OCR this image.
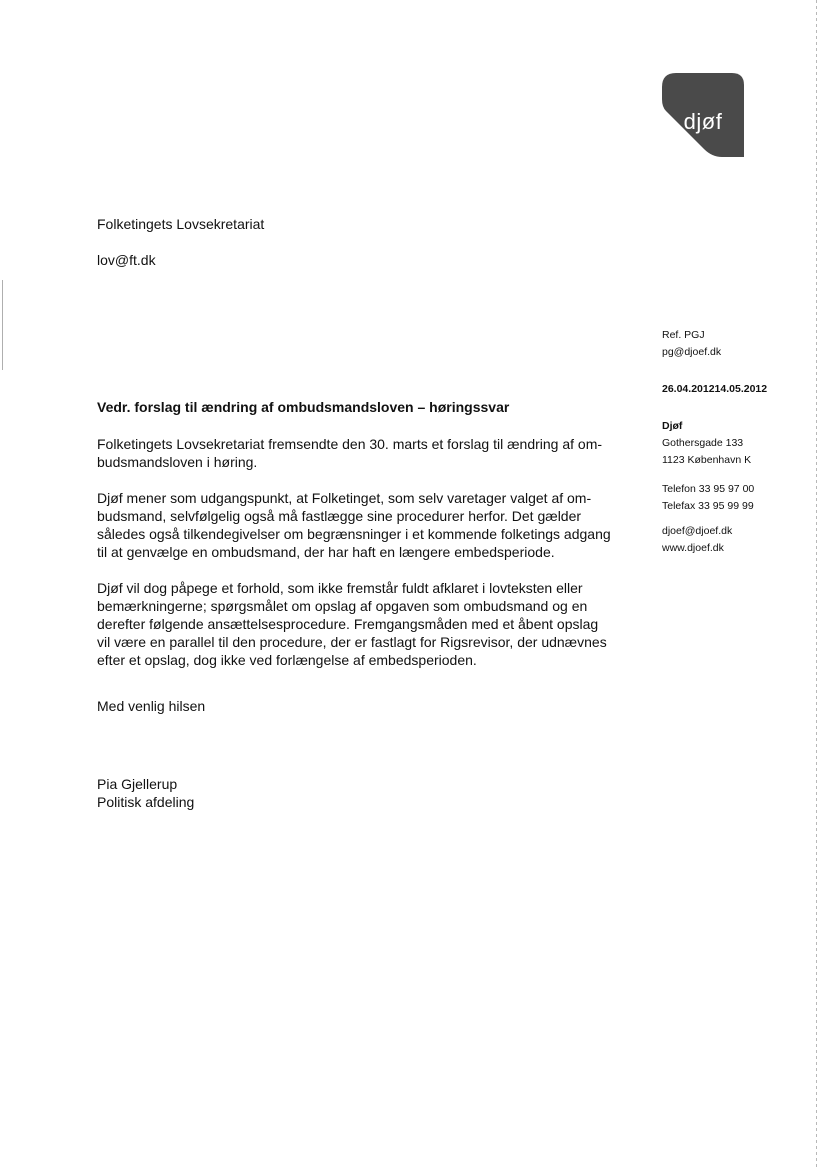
djøf
Folketingets Lovsekretariat
lov@ft.dk
Ref. PGJ
pg@djoef.dk
26.04.201214.05.2012
Djøf
Gothersgade 133
1123 København K
Telefon 33 95 97 00
Telefax 33 95 99 99
djoef@djoef.dk
www.djoef.dk
Vedr. forslag til ændring af ombudsmandsloven – høringssvar
Folketingets Lovsekretariat fremsendte den 30. marts et forslag til ændring af om-
budsmandsloven i høring.
Djøf mener som udgangspunkt, at Folketinget, som selv varetager valget af om-
budsmand, selvfølgelig også må fastlægge sine procedurer herfor. Det gælder
således også tilkendegivelser om begrænsninger i et kommende folketings adgang
til at genvælge en ombudsmand, der har haft en længere embedsperiode.
Djøf vil dog påpege et forhold, som ikke fremstår fuldt afklaret i lovteksten eller
bemærkningerne; spørgsmålet om opslag af opgaven som ombudsmand og en
derefter følgende ansættelsesprocedure. Fremgangsmåden med et åbent opslag
vil være en parallel til den procedure, der er fastlagt for Rigsrevisor, der udnævnes
efter et opslag, dog ikke ved forlængelse af embedsperioden.
Med venlig hilsen
Pia Gjellerup
Politisk afdeling
